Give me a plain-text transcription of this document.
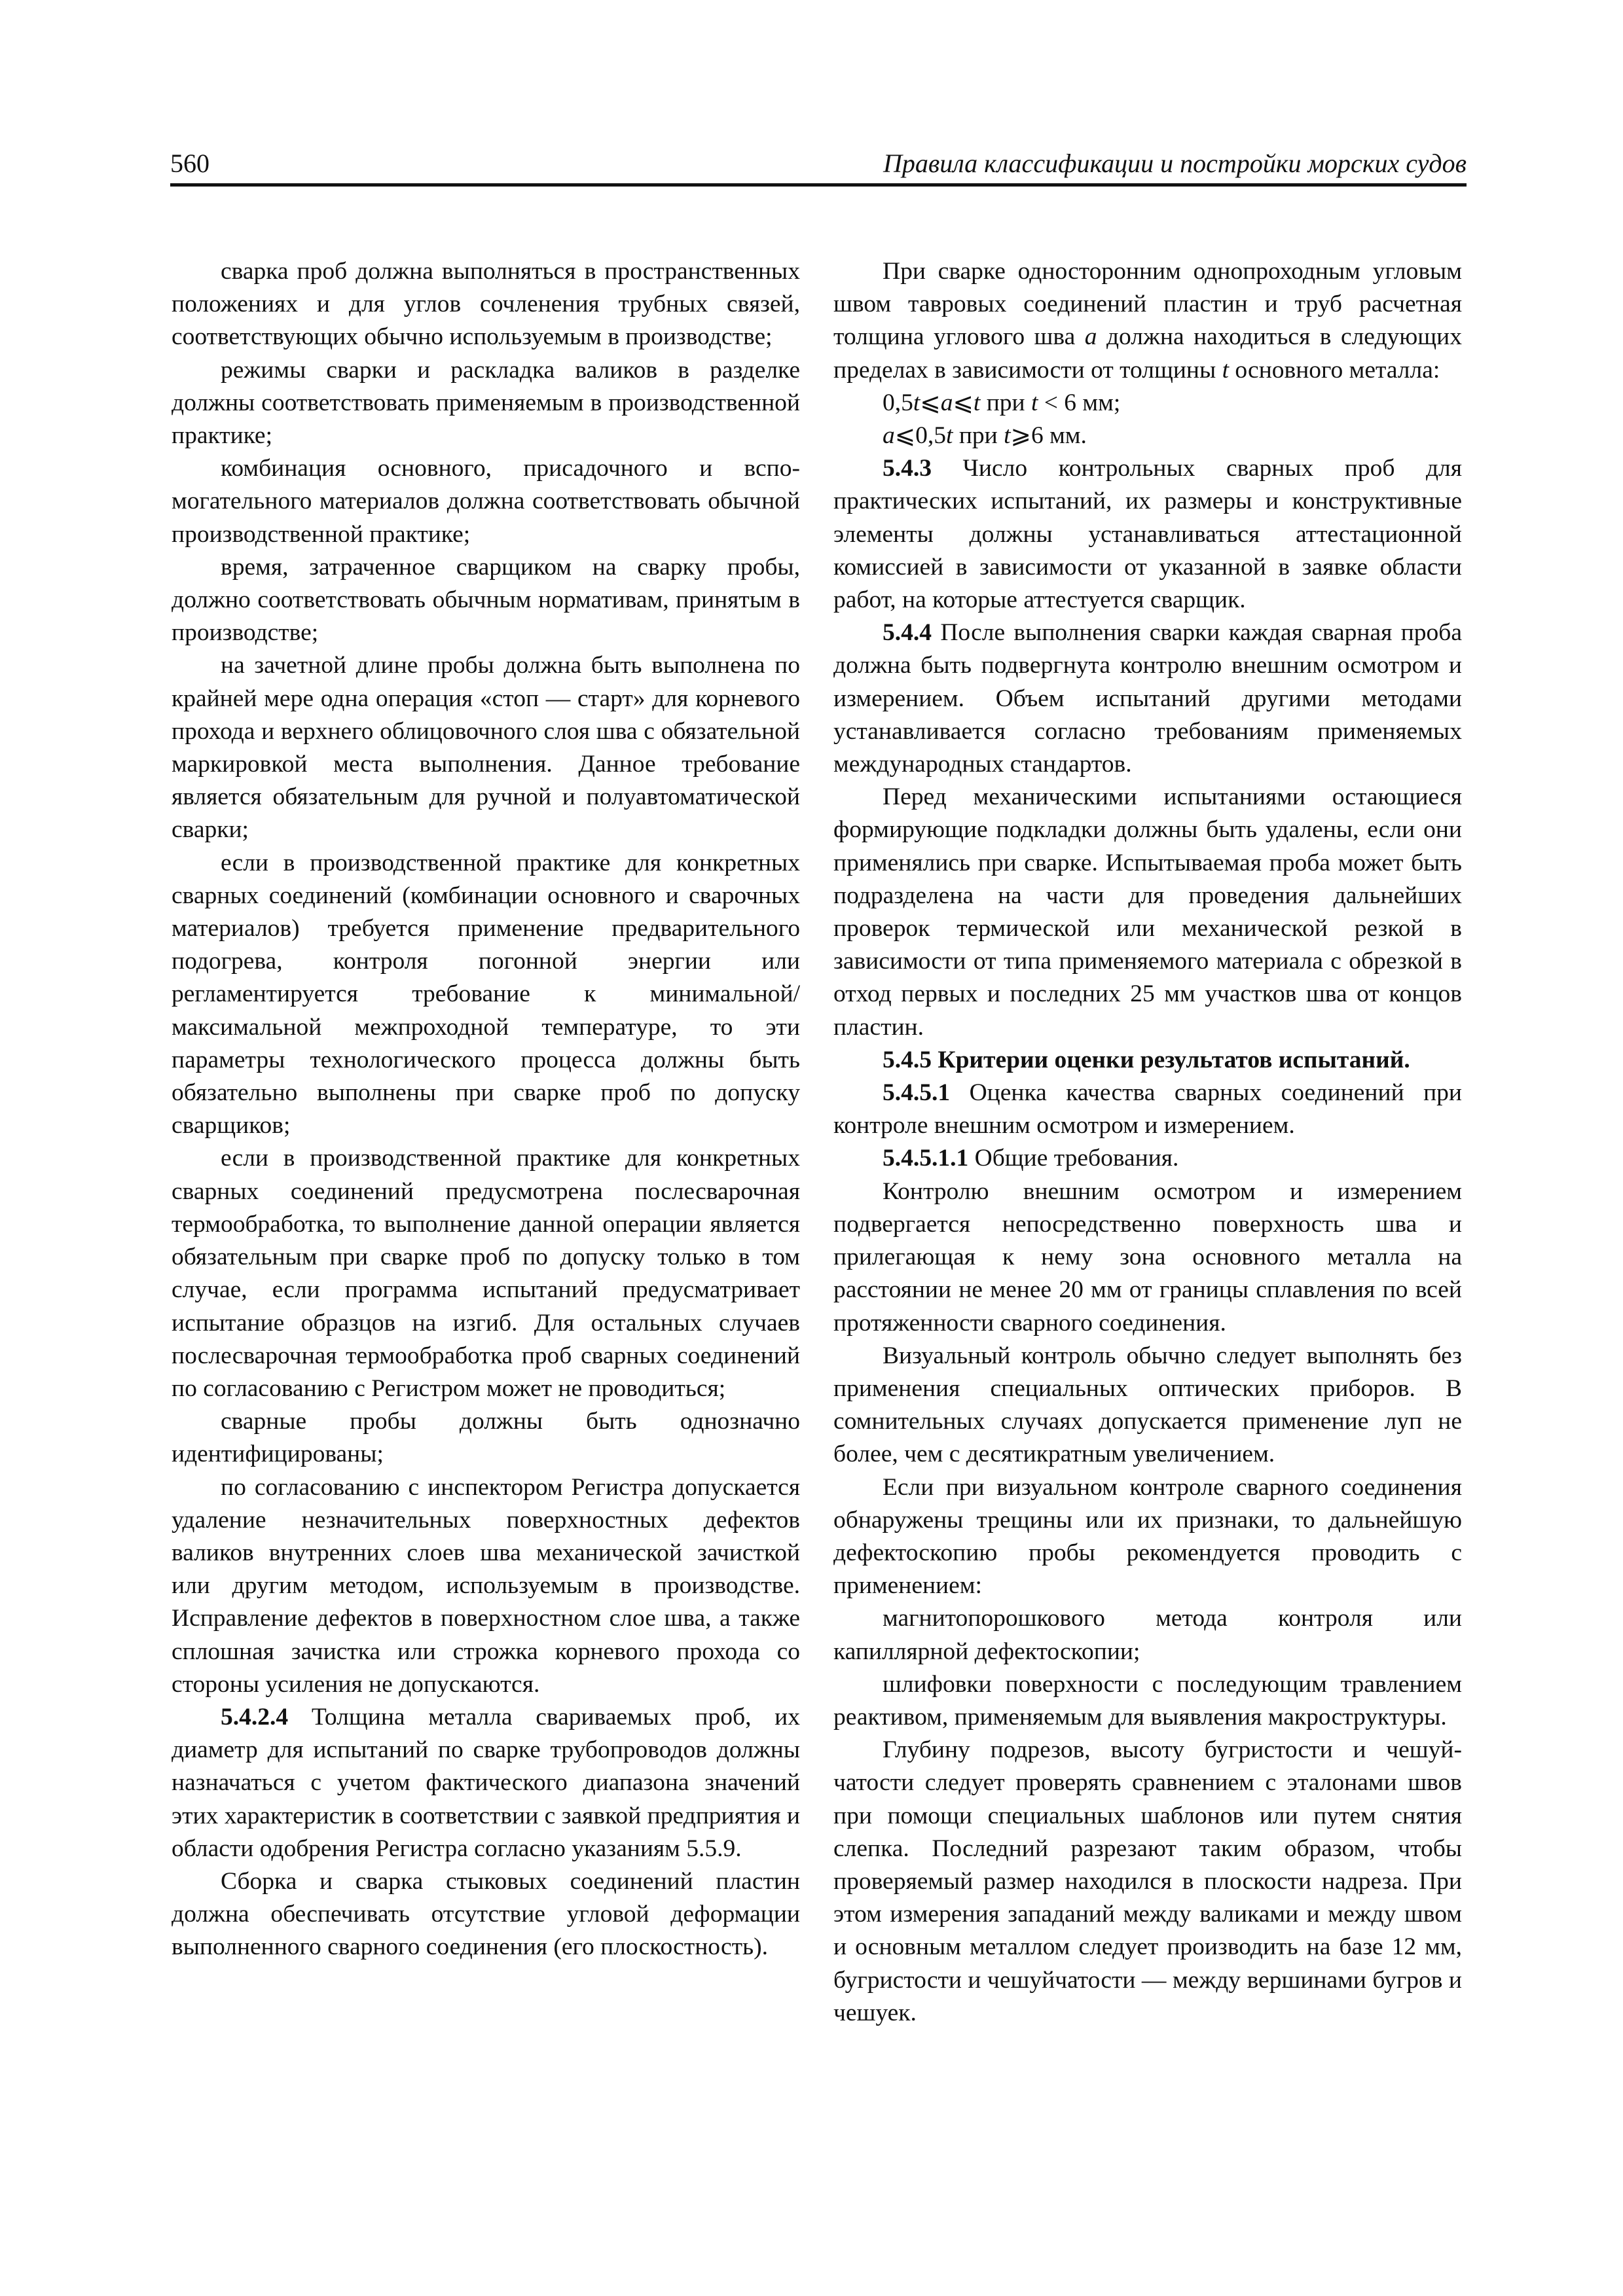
560	Правила классификации и постройки морских судов

сварка проб должна выполняться в пространственных положениях и для углов сочленения трубных связей, соответствующих обычно используемым в производстве;

режимы сварки и раскладка валиков в разделке должны соответствовать применяемым в производственной практике;

комбинация основного, присадочного и вспомогательного материалов должна соответствовать обычной производственной практике;

время, затраченное сварщиком на сварку пробы, должно соответствовать обычным нормативам, принятым в производстве;

на зачетной длине пробы должна быть выполнена по крайней мере одна операция «стоп — старт» для корневого прохода и верхнего облицовочного слоя шва с обязательной маркировкой места выполнения. Данное требование является обязательным для ручной и полуавтоматической сварки;

если в производственной практике для конкретных сварных соединений (комбинации основного и сварочных материалов) требуется применение предварительного подогрева, контроля погонной энергии или регламентируется требование к минимальной/максимальной межпроходной температуре, то эти параметры технологического процесса должны быть обязательно выполнены при сварке проб по допуску сварщиков;

если в производственной практике для конкретных сварных соединений предусмотрена послесварочная термообработка, то выполнение данной операции является обязательным при сварке проб по допуску только в том случае, если программа испытаний предусматривает испытание образцов на изгиб. Для остальных случаев послесварочная термообработка проб сварных соединений по согласованию с Регистром может не проводиться;

сварные пробы должны быть однозначно идентифицированы;

по согласованию с инспектором Регистра допускается удаление незначительных поверхностных дефектов валиков внутренних слоев шва механической зачисткой или другим методом, используемым в производстве. Исправление дефектов в поверхностном слое шва, а также сплошная зачистка или строжка корневого прохода со стороны усиления не допускаются.

5.4.2.4 Толщина металла свариваемых проб, их диаметр для испытаний по сварке трубопроводов должны назначаться с учетом фактического диапазона значений этих характеристик в соответствии с заявкой предприятия и области одобрения Регистра согласно указаниям 5.5.9.

Сборка и сварка стыковых соединений пластин должна обеспечивать отсутствие угловой деформации выполненного сварного соединения (его плоскостность).

При сварке односторонним однопроходным угловым швом тавровых соединений пластин и труб расчетная толщина углового шва a должна находиться в следующих пределах в зависимости от толщины t основного металла:

0,5t⩽a⩽t при t < 6 мм;

a⩽0,5t при t⩾6 мм.

5.4.3 Число контрольных сварных проб для практических испытаний, их размеры и конструктивные элементы должны устанавливаться аттестационной комиссией в зависимости от указанной в заявке области работ, на которые аттестуется сварщик.

5.4.4 После выполнения сварки каждая сварная проба должна быть подвергнута контролю внешним осмотром и измерением. Объем испытаний другими методами устанавливается согласно требованиям применяемых международных стандартов.

Перед механическими испытаниями остающиеся формирующие подкладки должны быть удалены, если они применялись при сварке. Испытываемая проба может быть подразделена на части для проведения дальнейших проверок термической или механической резкой в зависимости от типа применяемого материала с обрезкой в отход первых и последних 25 мм участков шва от концов пластин.

5.4.5 Критерии оценки результатов испытаний.

5.4.5.1 Оценка качества сварных соединений при контроле внешним осмотром и измерением.

5.4.5.1.1 Общие требования.

Контролю внешним осмотром и измерением подвергается непосредственно поверхность шва и прилегающая к нему зона основного металла на расстоянии не менее 20 мм от границы сплавления по всей протяженности сварного соединения.

Визуальный контроль обычно следует выполнять без применения специальных оптических приборов. В сомнительных случаях допускается применение луп не более, чем с десятикратным увеличением.

Если при визуальном контроле сварного соединения обнаружены трещины или их признаки, то дальнейшую дефектоскопию пробы рекомендуется проводить с применением:

магнитопорошкового метода контроля или капиллярной дефектоскопии;

шлифовки поверхности с последующим травлением реактивом, применяемым для выявления макроструктуры.

Глубину подрезов, высоту бугристости и чешуйчатости следует проверять сравнением с эталонами швов при помощи специальных шаблонов или путем снятия слепка. Последний разрезают таким образом, чтобы проверяемый размер находился в плоскости надреза. При этом измерения западаний между валиками и между швом и основным металлом следует производить на базе 12 мм, бугристости и чешуйчатости — между вершинами бугров и чешуек.
